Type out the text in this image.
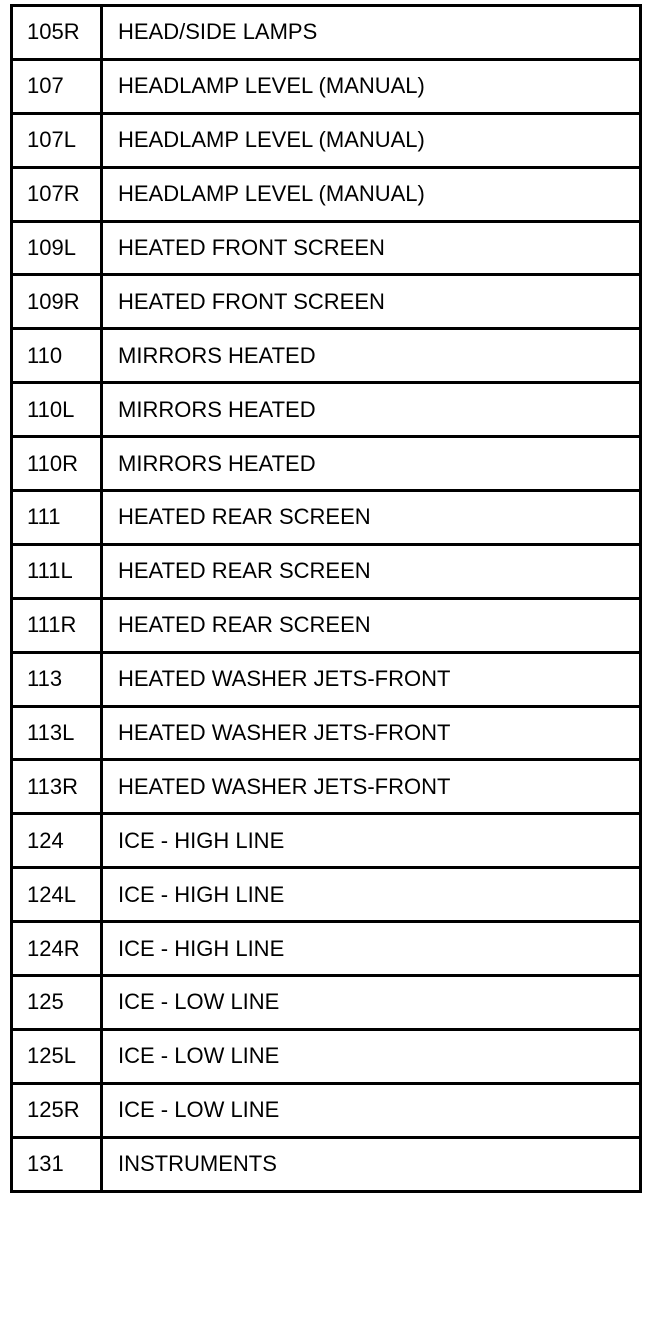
105R	HEAD/SIDE LAMPS
107	HEADLAMP LEVEL (MANUAL)
107L	HEADLAMP LEVEL (MANUAL)
107R	HEADLAMP LEVEL (MANUAL)
109L	HEATED FRONT SCREEN
109R	HEATED FRONT SCREEN
110	MIRRORS HEATED
110L	MIRRORS HEATED
110R	MIRRORS HEATED
111	HEATED REAR SCREEN
111L	HEATED REAR SCREEN
111R	HEATED REAR SCREEN
113	HEATED WASHER JETS-FRONT
113L	HEATED WASHER JETS-FRONT
113R	HEATED WASHER JETS-FRONT
124	ICE - HIGH LINE
124L	ICE - HIGH LINE
124R	ICE - HIGH LINE
125	ICE - LOW LINE
125L	ICE - LOW LINE
125R	ICE - LOW LINE
131	INSTRUMENTS
